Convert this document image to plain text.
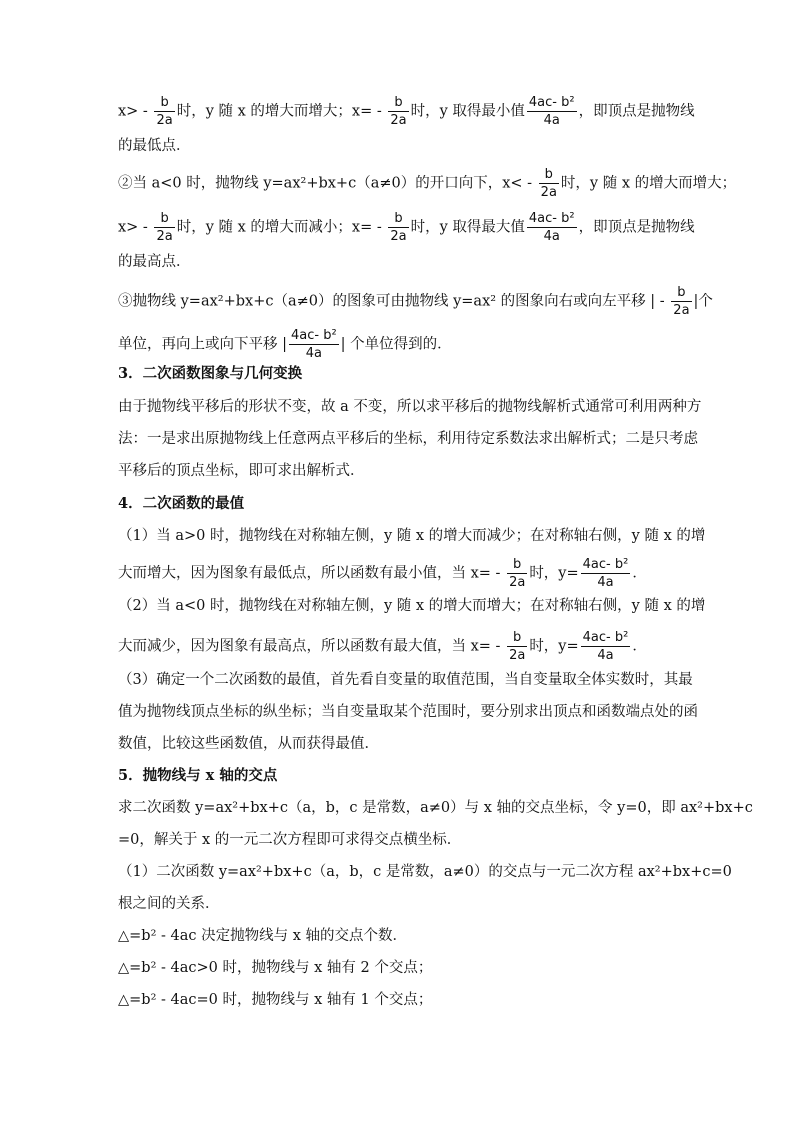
$x> - \frac{b}{2a}$ 时，y 随 x 的增大而增大；$x= - \frac{b}{2a}$ 时，y 取得最小值 $\frac{\text{4ac- b²}}{4a}$ ，即顶点是抛物线
的最低点．
②当 a<0 时，抛物线 y=ax²+bx+c（a≠0）的开口向下，$x< - \frac{b}{2a}$ 时，y 随 x 的增大而增大；
$x> - \frac{b}{2a}$ 时，y 随 x 的增大而减小；$x= - \frac{b}{2a}$ 时，y 取得最大值 $\frac{\text{4ac- b²}}{4a}$ ，即顶点是抛物线
的最高点．
③抛物线 y=ax²+bx+c（a≠0）的图象可由抛物线 y=ax² 的图象向右或向左平移 | - $\frac{b}{2a}$ |个
单位，再向上或向下平移 | $\frac{\text{4ac- b²}}{4a}$ | 个单位得到的．
3．二次函数图象与几何变换
由于抛物线平移后的形状不变，故 a 不变，所以求平移后的抛物线解析式通常可利用两种方
法：一是求出原抛物线上任意两点平移后的坐标，利用待定系数法求出解析式；二是只考虑
平移后的顶点坐标，即可求出解析式．
4．二次函数的最值
（1）当 a>0 时，抛物线在对称轴左侧，y 随 x 的增大而减少；在对称轴右侧，y 随 x 的增
大而增大，因为图象有最低点，所以函数有最小值，当 $x= - \frac{b}{2a}$ 时，$y= \frac{\text{4ac- b²}}{4a}$ ．
（2）当 a<0 时，抛物线在对称轴左侧，y 随 x 的增大而增大；在对称轴右侧，y 随 x 的增
大而减少，因为图象有最高点，所以函数有最大值，当 $x= - \frac{b}{2a}$ 时，$y= \frac{\text{4ac- b²}}{4a}$ ．
（3）确定一个二次函数的最值，首先看自变量的取值范围，当自变量取全体实数时，其最
值为抛物线顶点坐标的纵坐标；当自变量取某个范围时，要分别求出顶点和函数端点处的函
数值，比较这些函数值，从而获得最值．
5．抛物线与 x 轴的交点
求二次函数 y=ax²+bx+c（a，b，c 是常数，a≠0）与 x 轴的交点坐标，令 y=0，即 ax²+bx+c
=0，解关于 x 的一元二次方程即可求得交点横坐标．
（1）二次函数 y=ax²+bx+c（a，b，c 是常数，a≠0）的交点与一元二次方程 ax²+bx+c=0
根之间的关系．
△=b² - 4ac 决定抛物线与 x 轴的交点个数．
△=b² - 4ac>0 时，抛物线与 x 轴有 2 个交点；
△=b² - 4ac=0 时，抛物线与 x 轴有 1 个交点；
